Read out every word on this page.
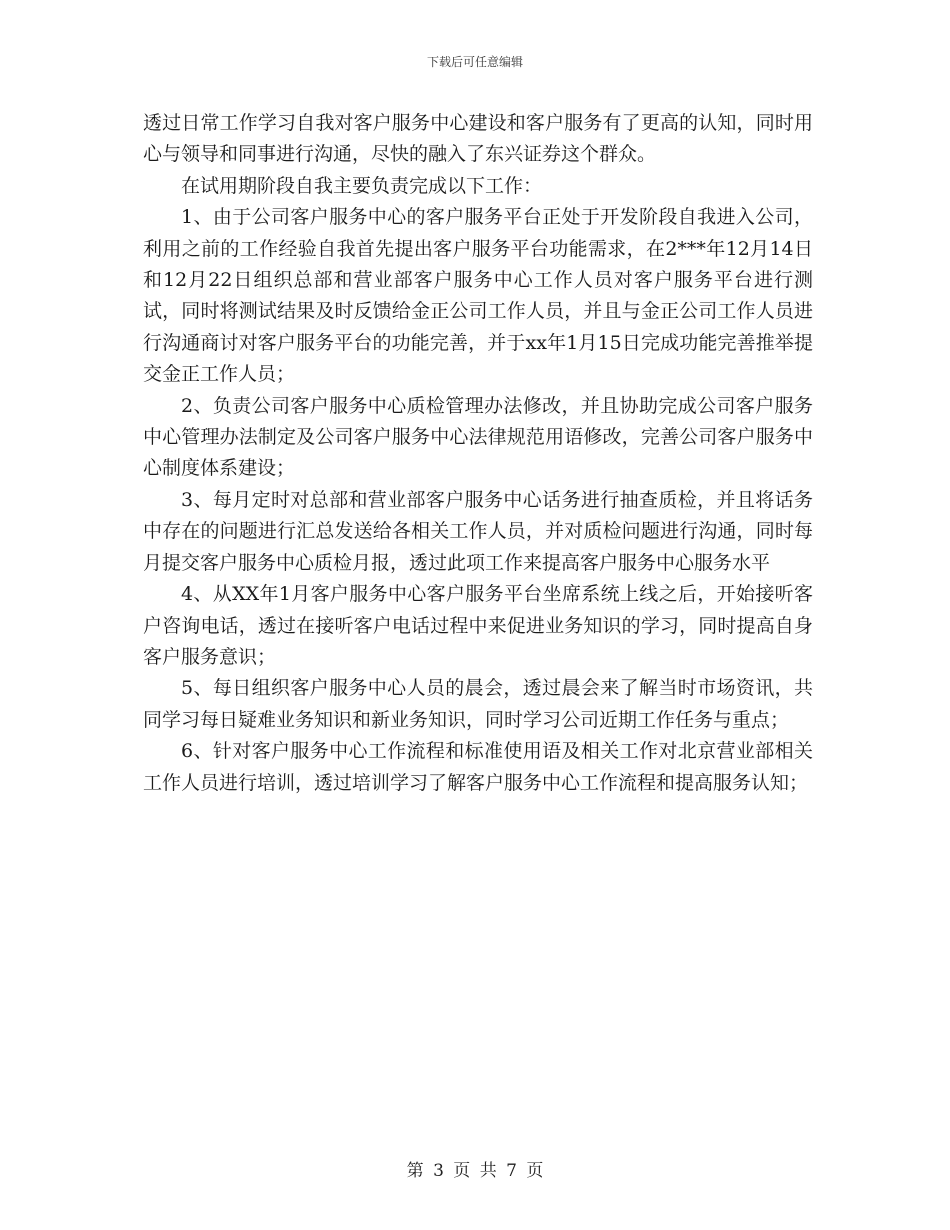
下载后可任意编辑

透过日常工作学习自我对客户服务中心建设和客户服务有了更高的认知，同时用心与领导和同事进行沟通，尽快的融入了东兴证券这个群众。

在试用期阶段自我主要负责完成以下工作：

1、由于公司客户服务中心的客户服务平台正处于开发阶段自我进入公司，利用之前的工作经验自我首先提出客户服务平台功能需求，在2***年12月14日和12月22日组织总部和营业部客户服务中心工作人员对客户服务平台进行测试，同时将测试结果及时反馈给金正公司工作人员，并且与金正公司工作人员进行沟通商讨对客户服务平台的功能完善，并于xx年1月15日完成功能完善推举提交金正工作人员；

2、负责公司客户服务中心质检管理办法修改，并且协助完成公司客户服务中心管理办法制定及公司客户服务中心法律规范用语修改，完善公司客户服务中心制度体系建设；

3、每月定时对总部和营业部客户服务中心话务进行抽查质检，并且将话务中存在的问题进行汇总发送给各相关工作人员，并对质检问题进行沟通，同时每月提交客户服务中心质检月报，透过此项工作来提高客户服务中心服务水平

4、从XX年1月客户服务中心客户服务平台坐席系统上线之后，开始接听客户咨询电话，透过在接听客户电话过程中来促进业务知识的学习，同时提高自身客户服务意识；

5、每日组织客户服务中心人员的晨会，透过晨会来了解当时市场资讯，共同学习每日疑难业务知识和新业务知识，同时学习公司近期工作任务与重点；

6、针对客户服务中心工作流程和标准使用语及相关工作对北京营业部相关工作人员进行培训，透过培训学习了解客户服务中心工作流程和提高服务认知；

第 3 页 共 7 页
